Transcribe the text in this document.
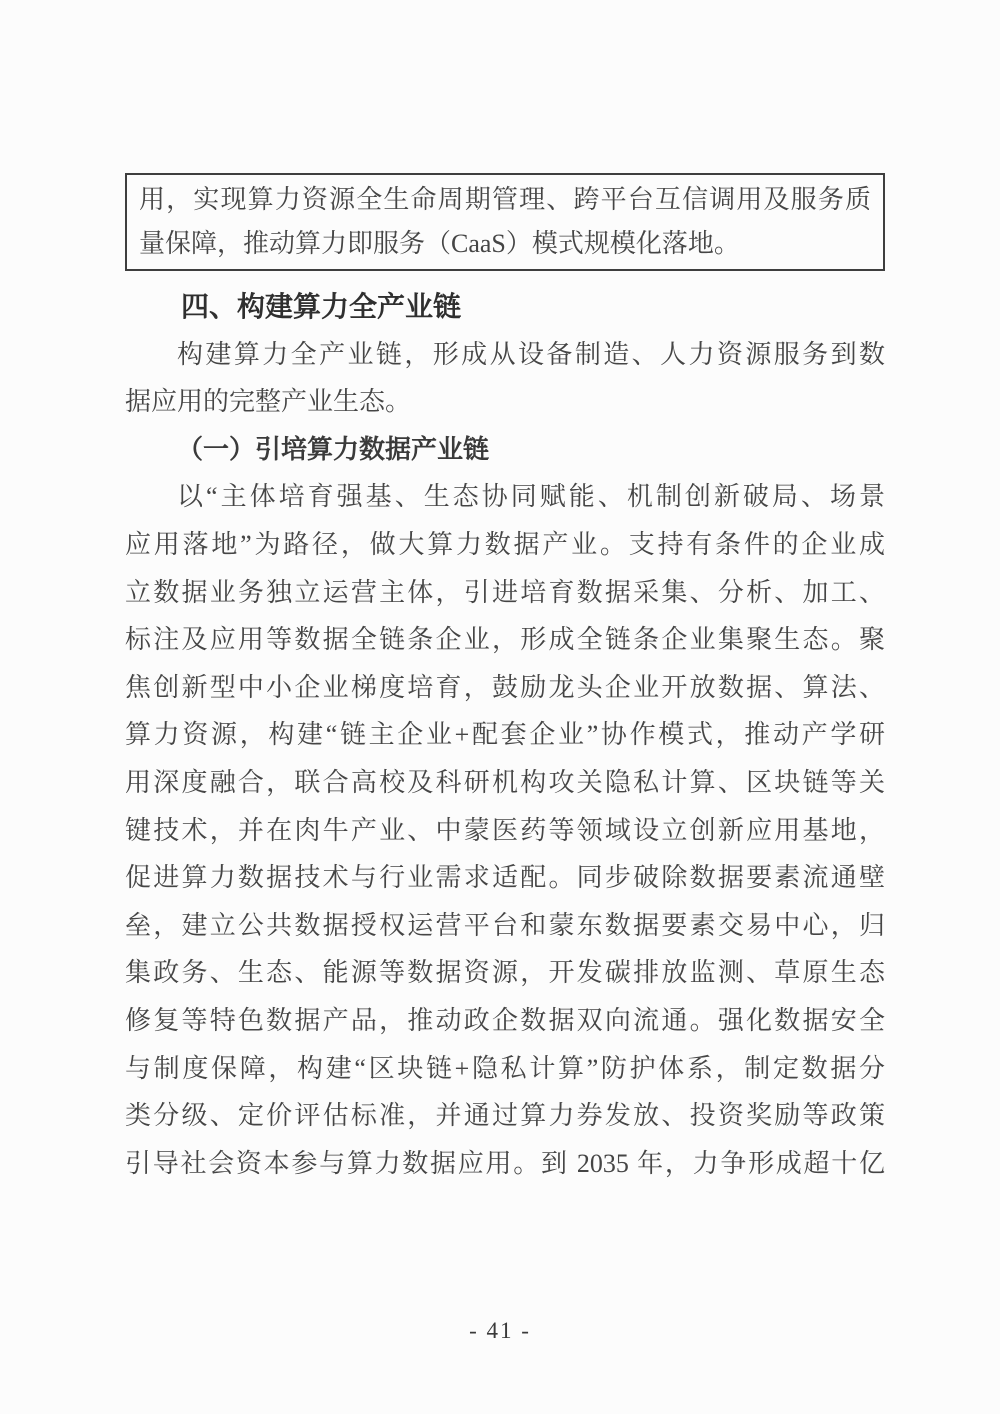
用，实现算力资源全生命周期管理、跨平台互信调用及服务质
量保障，推动算力即服务（CaaS）模式规模化落地。
四、构建算力全产业链
构建算力全产业链，形成从设备制造、人力资源服务到数
据应用的完整产业生态。
（一）引培算力数据产业链
以“主体培育强基、生态协同赋能、机制创新破局、场景
应用落地”为路径，做大算力数据产业。支持有条件的企业成
立数据业务独立运营主体，引进培育数据采集、分析、加工、
标注及应用等数据全链条企业，形成全链条企业集聚生态。聚
焦创新型中小企业梯度培育，鼓励龙头企业开放数据、算法、
算力资源，构建“链主企业+配套企业”协作模式，推动产学研
用深度融合，联合高校及科研机构攻关隐私计算、区块链等关
键技术，并在肉牛产业、中蒙医药等领域设立创新应用基地，
促进算力数据技术与行业需求适配。同步破除数据要素流通壁
垒，建立公共数据授权运营平台和蒙东数据要素交易中心，归
集政务、生态、能源等数据资源，开发碳排放监测、草原生态
修复等特色数据产品，推动政企数据双向流通。强化数据安全
与制度保障，构建“区块链+隐私计算”防护体系，制定数据分
类分级、定价评估标准，并通过算力券发放、投资奖励等政策
引导社会资本参与算力数据应用。到 2035 年，力争形成超十亿
- 41 -
